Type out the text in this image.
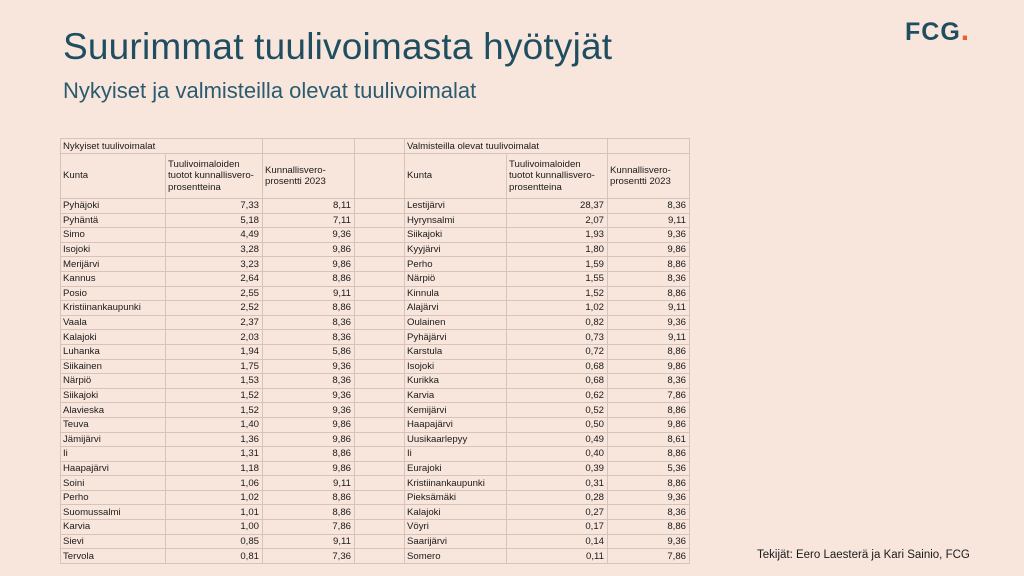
Suurimmat tuulivoimasta hyötyjät
Nykyiset ja valmisteilla olevat tuulivoimalat
FCG.
Nykyiset tuulivoimalat				Valmisteilla olevat tuulivoimalat		
Kunta	Tuulivoimaloiden tuotot kunnallisvero-prosentteina	Kunnallisvero-prosentti 2023		Kunta	Tuulivoimaloiden tuotot kunnallisvero-prosentteina	Kunnallisvero-prosentti 2023
Pyhäjoki	7,33	8,11		Lestijärvi	28,37	8,36
Pyhäntä	5,18	7,11		Hyrynsalmi	2,07	9,11
Simo	4,49	9,36		Siikajoki	1,93	9,36
Isojoki	3,28	9,86		Kyyjärvi	1,80	9,86
Merijärvi	3,23	9,86		Perho	1,59	8,86
Kannus	2,64	8,86		Närpiö	1,55	8,36
Posio	2,55	9,11		Kinnula	1,52	8,86
Kristiinankaupunki	2,52	8,86		Alajärvi	1,02	9,11
Vaala	2,37	8,36		Oulainen	0,82	9,36
Kalajoki	2,03	8,36		Pyhäjärvi	0,73	9,11
Luhanka	1,94	5,86		Karstula	0,72	8,86
Siikainen	1,75	9,36		Isojoki	0,68	9,86
Närpiö	1,53	8,36		Kurikka	0,68	8,36
Siikajoki	1,52	9,36		Karvia	0,62	7,86
Alavieska	1,52	9,36		Kemijärvi	0,52	8,86
Teuva	1,40	9,86		Haapajärvi	0,50	9,86
Jämijärvi	1,36	9,86		Uusikaarlepyy	0,49	8,61
Ii	1,31	8,86		Ii	0,40	8,86
Haapajärvi	1,18	9,86		Eurajoki	0,39	5,36
Soini	1,06	9,11		Kristiinankaupunki	0,31	8,86
Perho	1,02	8,86		Pieksämäki	0,28	9,36
Suomussalmi	1,01	8,86		Kalajoki	0,27	8,36
Karvia	1,00	7,86		Vöyri	0,17	8,86
Sievi	0,85	9,11		Saarijärvi	0,14	9,36
Tervola	0,81	7,36		Somero	0,11	7,86	Tekijät: Eero Laesterä ja Kari Sainio, FCG
